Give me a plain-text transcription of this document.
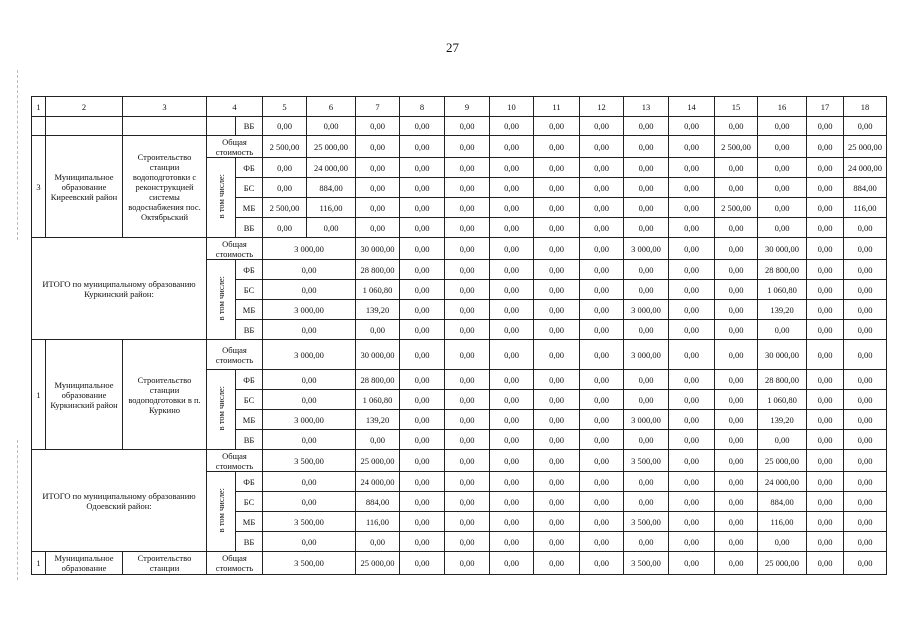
27
1	2	3	4		5	6	7	8	9	10	11	12	13	14	15	16	17	18
				ВБ	0,00	0,00	0,00	0,00	0,00	0,00	0,00	0,00	0,00	0,00	0,00	0,00	0,00	0,00
3	Муниципальное образование Киреевский район	Строительство станции водоподготовки с реконструкцией системы водоснабжения пос. Октябрьский	Общая стоимость		2 500,00	25 000,00	0,00	0,00	0,00	0,00	0,00	0,00	0,00	0,00	2 500,00	0,00	0,00	25 000,00
			в том числе:	ФБ	0,00	24 000,00	0,00	0,00	0,00	0,00	0,00	0,00	0,00	0,00	0,00	0,00	0,00	24 000,00
				БС	0,00	884,00	0,00	0,00	0,00	0,00	0,00	0,00	0,00	0,00	0,00	0,00	0,00	884,00
				МБ	2 500,00	116,00	0,00	0,00	0,00	0,00	0,00	0,00	0,00	0,00	2 500,00	0,00	0,00	116,00
				ВБ	0,00	0,00	0,00	0,00	0,00	0,00	0,00	0,00	0,00	0,00	0,00	0,00	0,00	0,00
ИТОГО по муниципальному образованию Куркинский район:			Общая стоимость		3 000,00		30 000,00	0,00	0,00	0,00	0,00	0,00	3 000,00	0,00	0,00	30 000,00	0,00	0,00
			в том числе:	ФБ	0,00		28 800,00	0,00	0,00	0,00	0,00	0,00	0,00	0,00	0,00	28 800,00	0,00	0,00
				БС	0,00		1 060,80	0,00	0,00	0,00	0,00	0,00	0,00	0,00	0,00	1 060,80	0,00	0,00
				МБ	3 000,00		139,20	0,00	0,00	0,00	0,00	0,00	3 000,00	0,00	0,00	139,20	0,00	0,00
				ВБ	0,00		0,00	0,00	0,00	0,00	0,00	0,00	0,00	0,00	0,00	0,00	0,00	0,00
1	Муниципальное образование Куркинский район	Строительство станции водоподготовки в п. Куркино	Общая стоимость		3 000,00		30 000,00	0,00	0,00	0,00	0,00	0,00	3 000,00	0,00	0,00	30 000,00	0,00	0,00
			в том числе:	ФБ	0,00		28 800,00	0,00	0,00	0,00	0,00	0,00	0,00	0,00	0,00	28 800,00	0,00	0,00
				БС	0,00		1 060,80	0,00	0,00	0,00	0,00	0,00	0,00	0,00	0,00	1 060,80	0,00	0,00
				МБ	3 000,00		139,20	0,00	0,00	0,00	0,00	0,00	3 000,00	0,00	0,00	139,20	0,00	0,00
				ВБ	0,00		0,00	0,00	0,00	0,00	0,00	0,00	0,00	0,00	0,00	0,00	0,00	0,00
ИТОГО по муниципальному образованию Одоевский район:			Общая стоимость		3 500,00		25 000,00	0,00	0,00	0,00	0,00	0,00	3 500,00	0,00	0,00	25 000,00	0,00	0,00
			в том числе:	ФБ	0,00		24 000,00	0,00	0,00	0,00	0,00	0,00	0,00	0,00	0,00	24 000,00	0,00	0,00
				БС	0,00		884,00	0,00	0,00	0,00	0,00	0,00	0,00	0,00	0,00	884,00	0,00	0,00
				МБ	3 500,00		116,00	0,00	0,00	0,00	0,00	0,00	3 500,00	0,00	0,00	116,00	0,00	0,00
				ВБ	0,00		0,00	0,00	0,00	0,00	0,00	0,00	0,00	0,00	0,00	0,00	0,00	0,00
1	Муниципальное образование	Строительство станции	Общая стоимость		3 500,00		25 000,00	0,00	0,00	0,00	0,00	0,00	3 500,00	0,00	0,00	25 000,00	0,00	0,00
